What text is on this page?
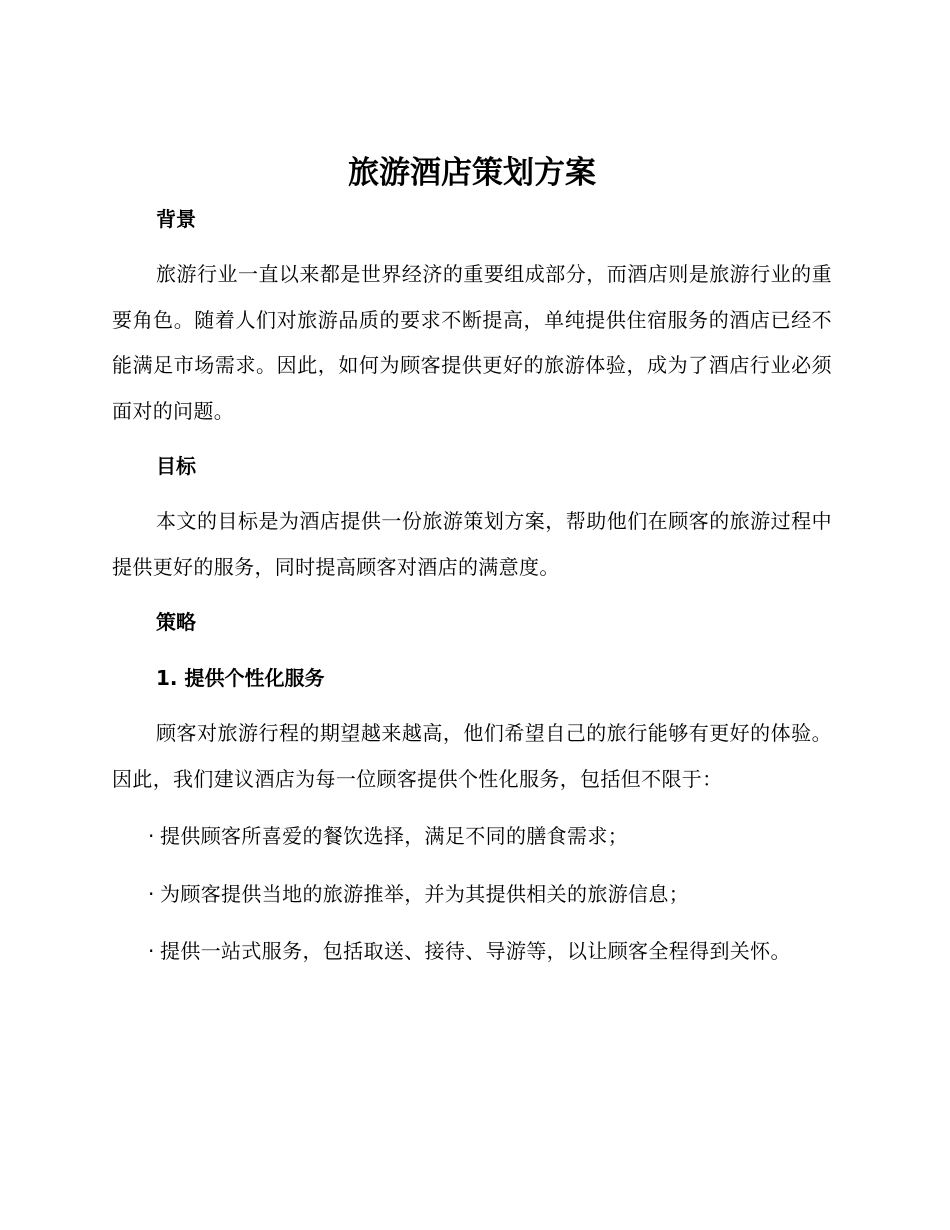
旅游酒店策划方案
背景

旅游行业一直以来都是世界经济的重要组成部分，而酒店则是旅游行业的重要角色。随着人们对旅游品质的要求不断提高，单纯提供住宿服务的酒店已经不能满足市场需求。因此，如何为顾客提供更好的旅游体验，成为了酒店行业必须面对的问题。

目标

本文的目标是为酒店提供一份旅游策划方案，帮助他们在顾客的旅游过程中提供更好的服务，同时提高顾客对酒店的满意度。

策略
1. 提供个性化服务

顾客对旅游行程的期望越来越高，他们希望自己的旅行能够有更好的体验。因此，我们建议酒店为每一位顾客提供个性化服务，包括但不限于：

· 提供顾客所喜爱的餐饮选择，满足不同的膳食需求；

· 为顾客提供当地的旅游推举，并为其提供相关的旅游信息；

· 提供一站式服务，包括取送、接待、导游等，以让顾客全程得到关怀。
